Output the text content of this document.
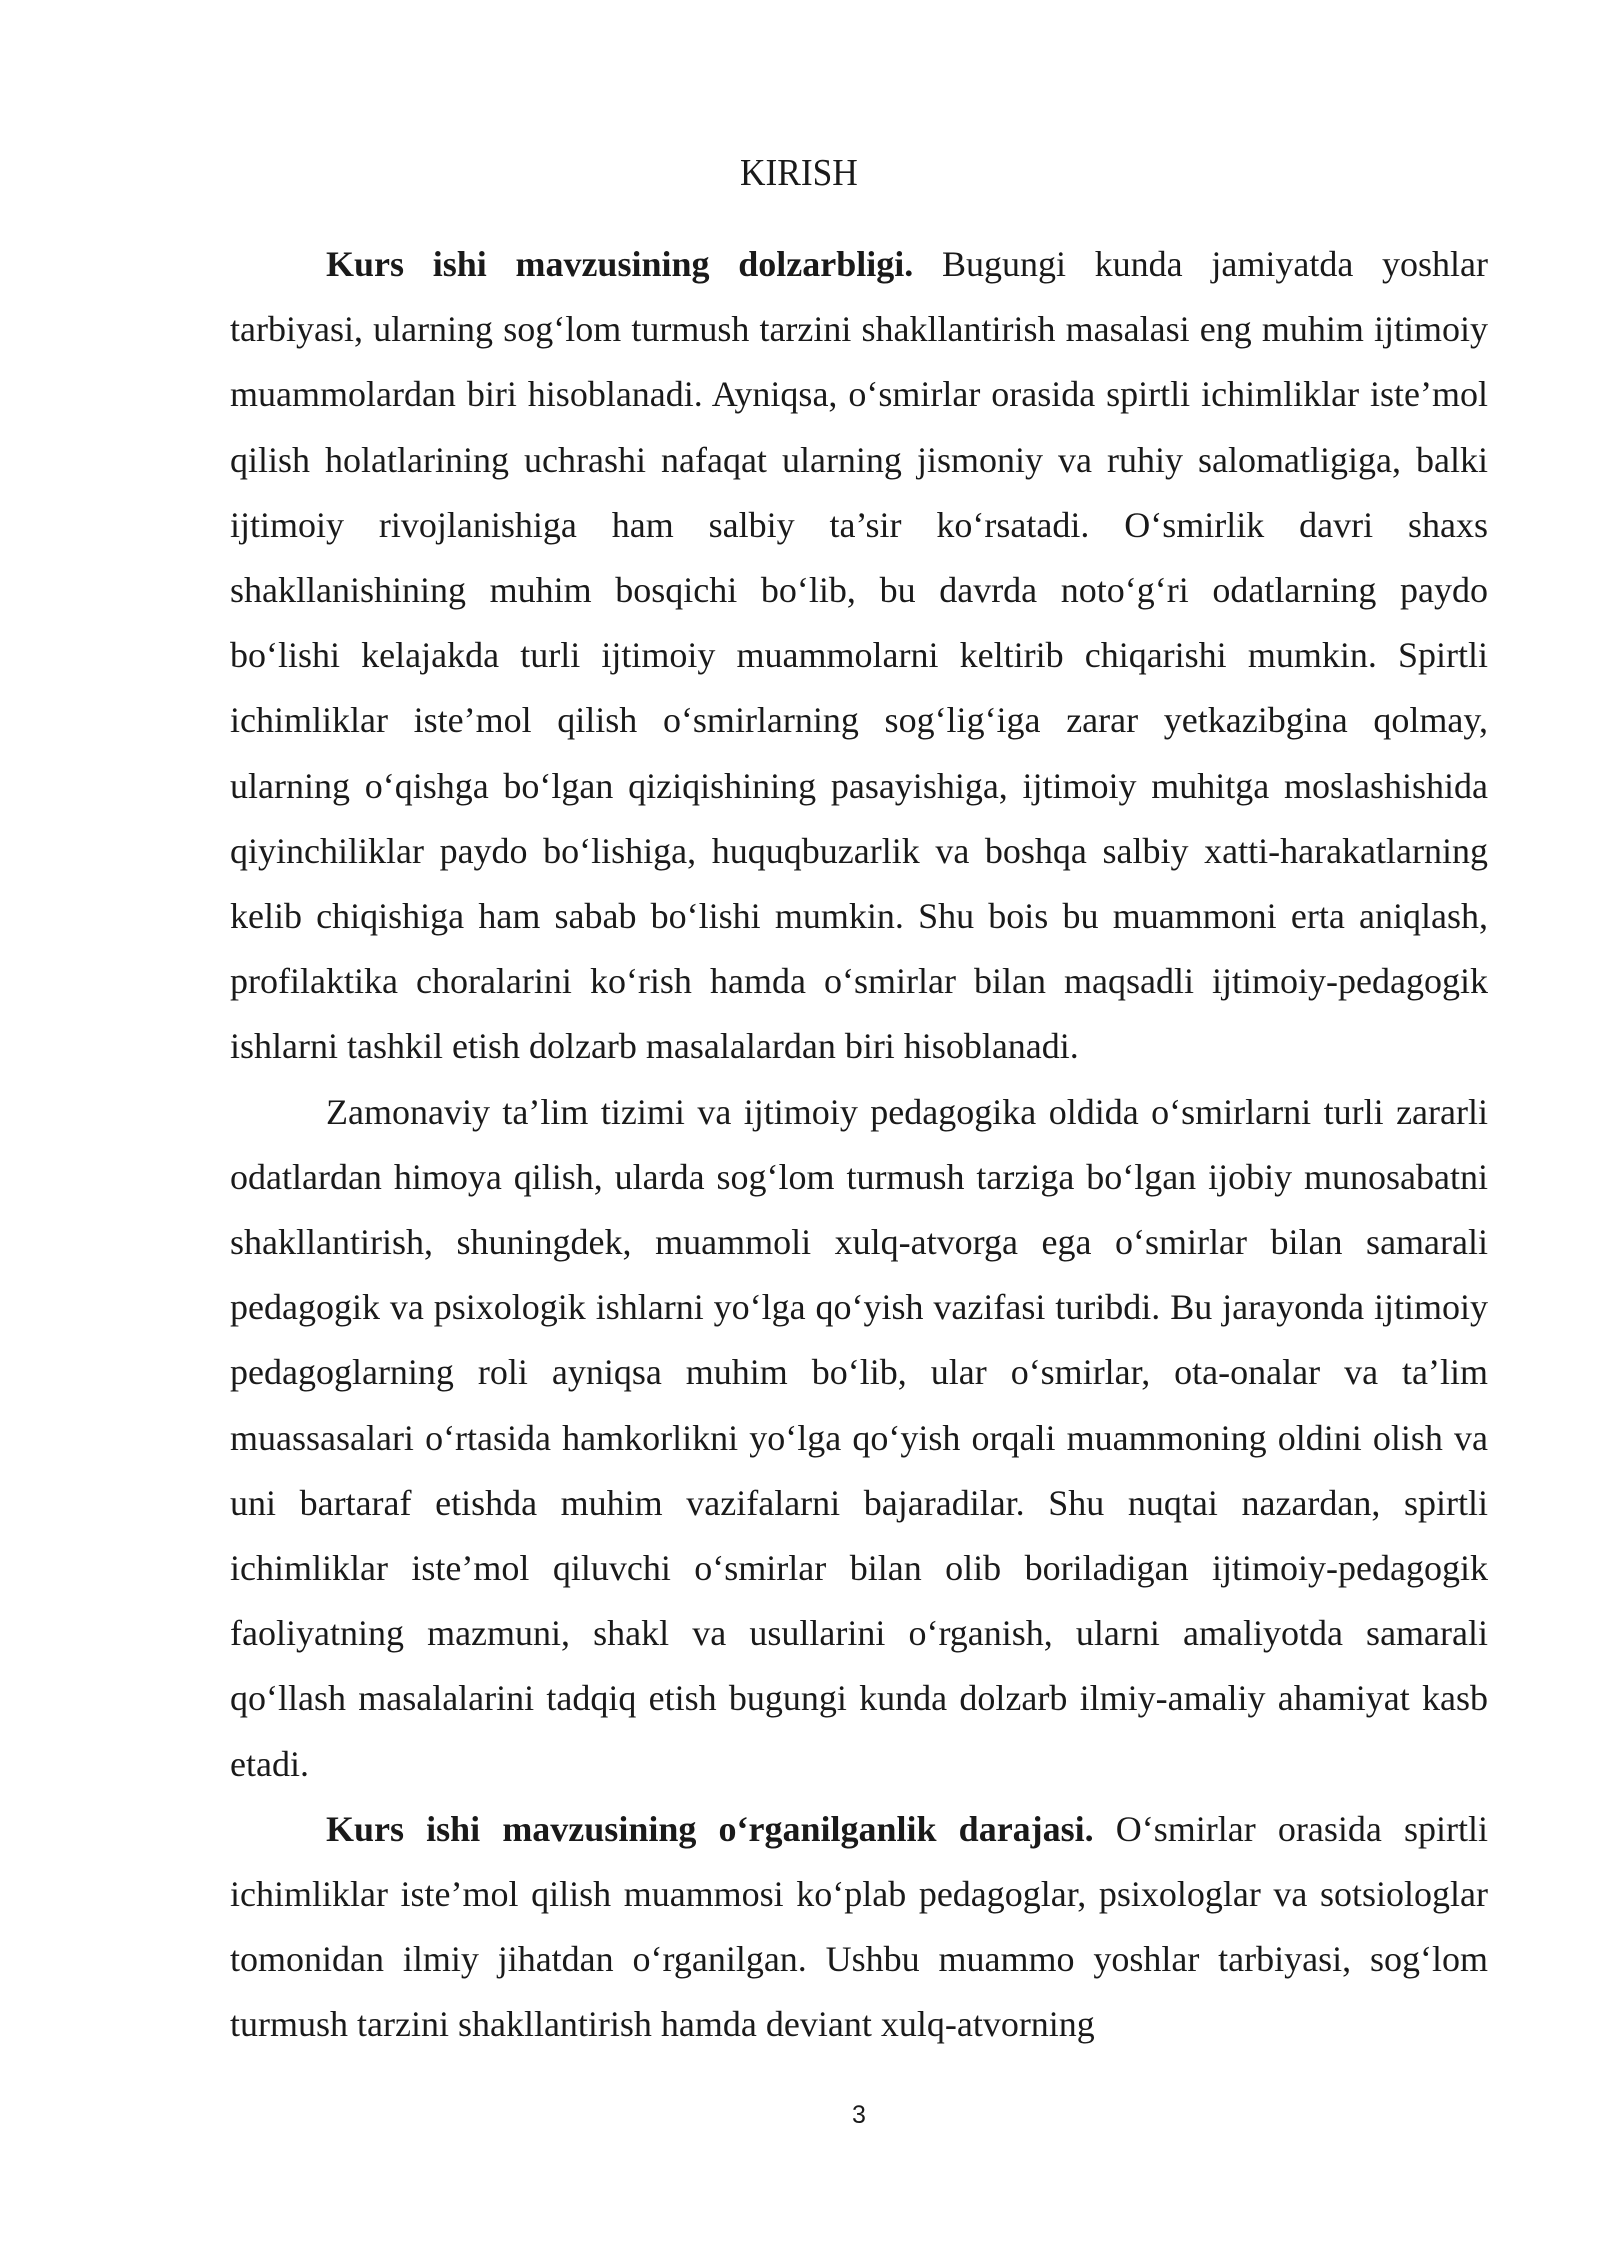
KIRISH

Kurs ishi mavzusining dolzarbligi. Bugungi kunda jamiyatda yoshlar tarbiyasi, ularning sog‘lom turmush tarzini shakllantirish masalasi eng muhim ijtimoiy muammolardan biri hisoblanadi. Ayniqsa, o‘smirlar orasida spirtli ichimliklar iste’mol qilish holatlarining uchrashi nafaqat ularning jismoniy va ruhiy salomatligiga, balki ijtimoiy rivojlanishiga ham salbiy ta’sir ko‘rsatadi. O‘smirlik davri shaxs shakllanishining muhim bosqichi bo‘lib, bu davrda noto‘g‘ri odatlarning paydo bo‘lishi kelajakda turli ijtimoiy muammolarni keltirib chiqarishi mumkin. Spirtli ichimliklar iste’mol qilish o‘smirlarning sog‘lig‘iga zarar yetkazibgina qolmay, ularning o‘qishga bo‘lgan qiziqishining pasayishiga, ijtimoiy muhitga moslashishida qiyinchiliklar paydo bo‘lishiga, huquqbuzarlik va boshqa salbiy xatti-harakatlarning kelib chiqishiga ham sabab bo‘lishi mumkin. Shu bois bu muammoni erta aniqlash, profilaktika choralarini ko‘rish hamda o‘smirlar bilan maqsadli ijtimoiy-pedagogik ishlarni tashkil etish dolzarb masalalardan biri hisoblanadi.

Zamonaviy ta’lim tizimi va ijtimoiy pedagogika oldida o‘smirlarni turli zararli odatlardan himoya qilish, ularda sog‘lom turmush tarziga bo‘lgan ijobiy munosabatni shakllantirish, shuningdek, muammoli xulq-atvorga ega o‘smirlar bilan samarali pedagogik va psixologik ishlarni yo‘lga qo‘yish vazifasi turibdi. Bu jarayonda ijtimoiy pedagoglarning roli ayniqsa muhim bo‘lib, ular o‘smirlar, ota-onalar va ta’lim muassasalari o‘rtasida hamkorlikni yo‘lga qo‘yish orqali muammoning oldini olish va uni bartaraf etishda muhim vazifalarni bajaradilar. Shu nuqtai nazardan, spirtli ichimliklar iste’mol qiluvchi o‘smirlar bilan olib boriladigan ijtimoiy-pedagogik faoliyatning mazmuni, shakl va usullarini o‘rganish, ularni amaliyotda samarali qo‘llash masalalarini tadqiq etish bugungi kunda dolzarb ilmiy-amaliy ahamiyat kasb etadi.

Kurs ishi mavzusining o‘rganilganlik darajasi. O‘smirlar orasida spirtli ichimliklar iste’mol qilish muammosi ko‘plab pedagoglar, psixologlar va sotsiologlar tomonidan ilmiy jihatdan o‘rganilgan. Ushbu muammo yoshlar tarbiyasi, sog‘lom turmush tarzini shakllantirish hamda deviant xulq-atvorning

3
